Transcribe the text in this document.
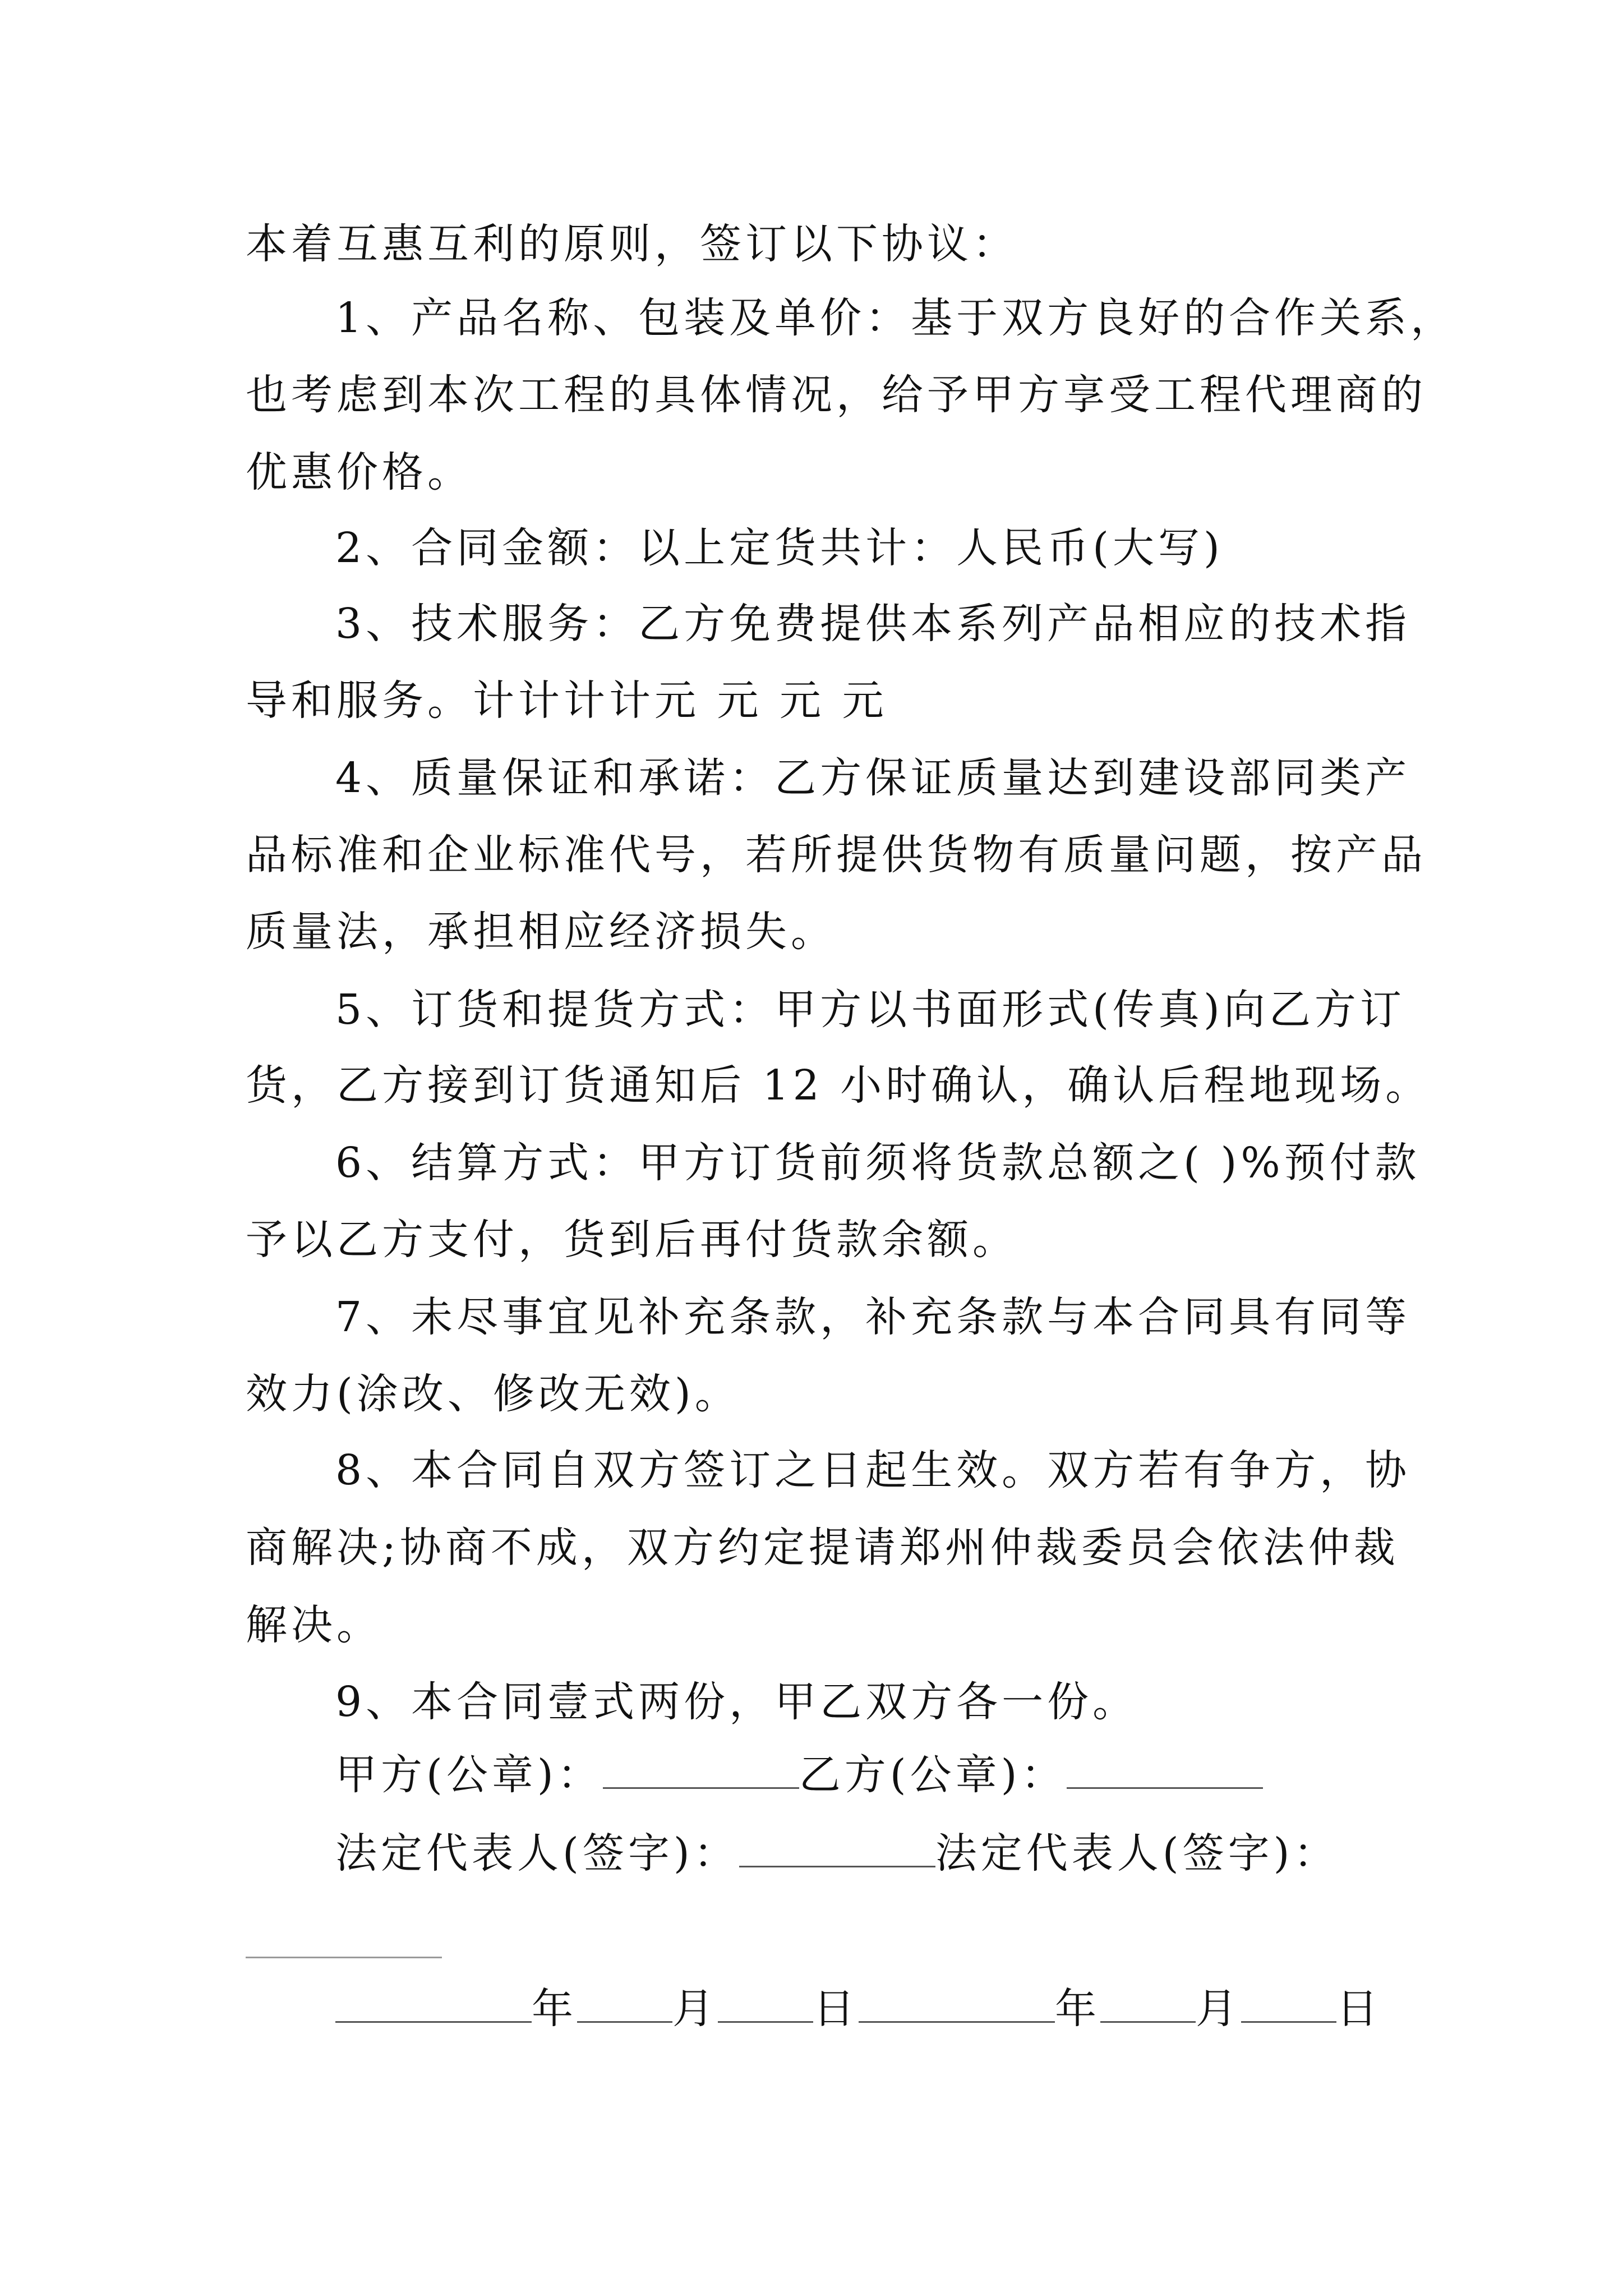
本着互惠互利的原则，签订以下协议：
1、产品名称、包装及单价：基于双方良好的合作关系，
也考虑到本次工程的具体情况，给予甲方享受工程代理商的
优惠价格。
2、合同金额：以上定货共计：人民币(大写)
3、技术服务：乙方免费提供本系列产品相应的技术指
导和服务。计计计计元 元 元 元
4、质量保证和承诺：乙方保证质量达到建设部同类产
品标准和企业标准代号，若所提供货物有质量问题，按产品
质量法，承担相应经济损失。
5、订货和提货方式：甲方以书面形式(传真)向乙方订
货，乙方接到订货通知后 12 小时确认，确认后程地现场。
6、结算方式：甲方订货前须将货款总额之( )%预付款
予以乙方支付，货到后再付货款余额。
7、未尽事宜见补充条款，补充条款与本合同具有同等
效力(涂改、修改无效)。
8、本合同自双方签订之日起生效。双方若有争方，协
商解决;协商不成，双方约定提请郑州仲裁委员会依法仲裁
解决。
9、本合同壹式两份，甲乙双方各一份。
甲方(公章)：	乙方(公章)：
法定代表人(签字)：	法定代表人(签字)：
年 月 日	年 月 日
